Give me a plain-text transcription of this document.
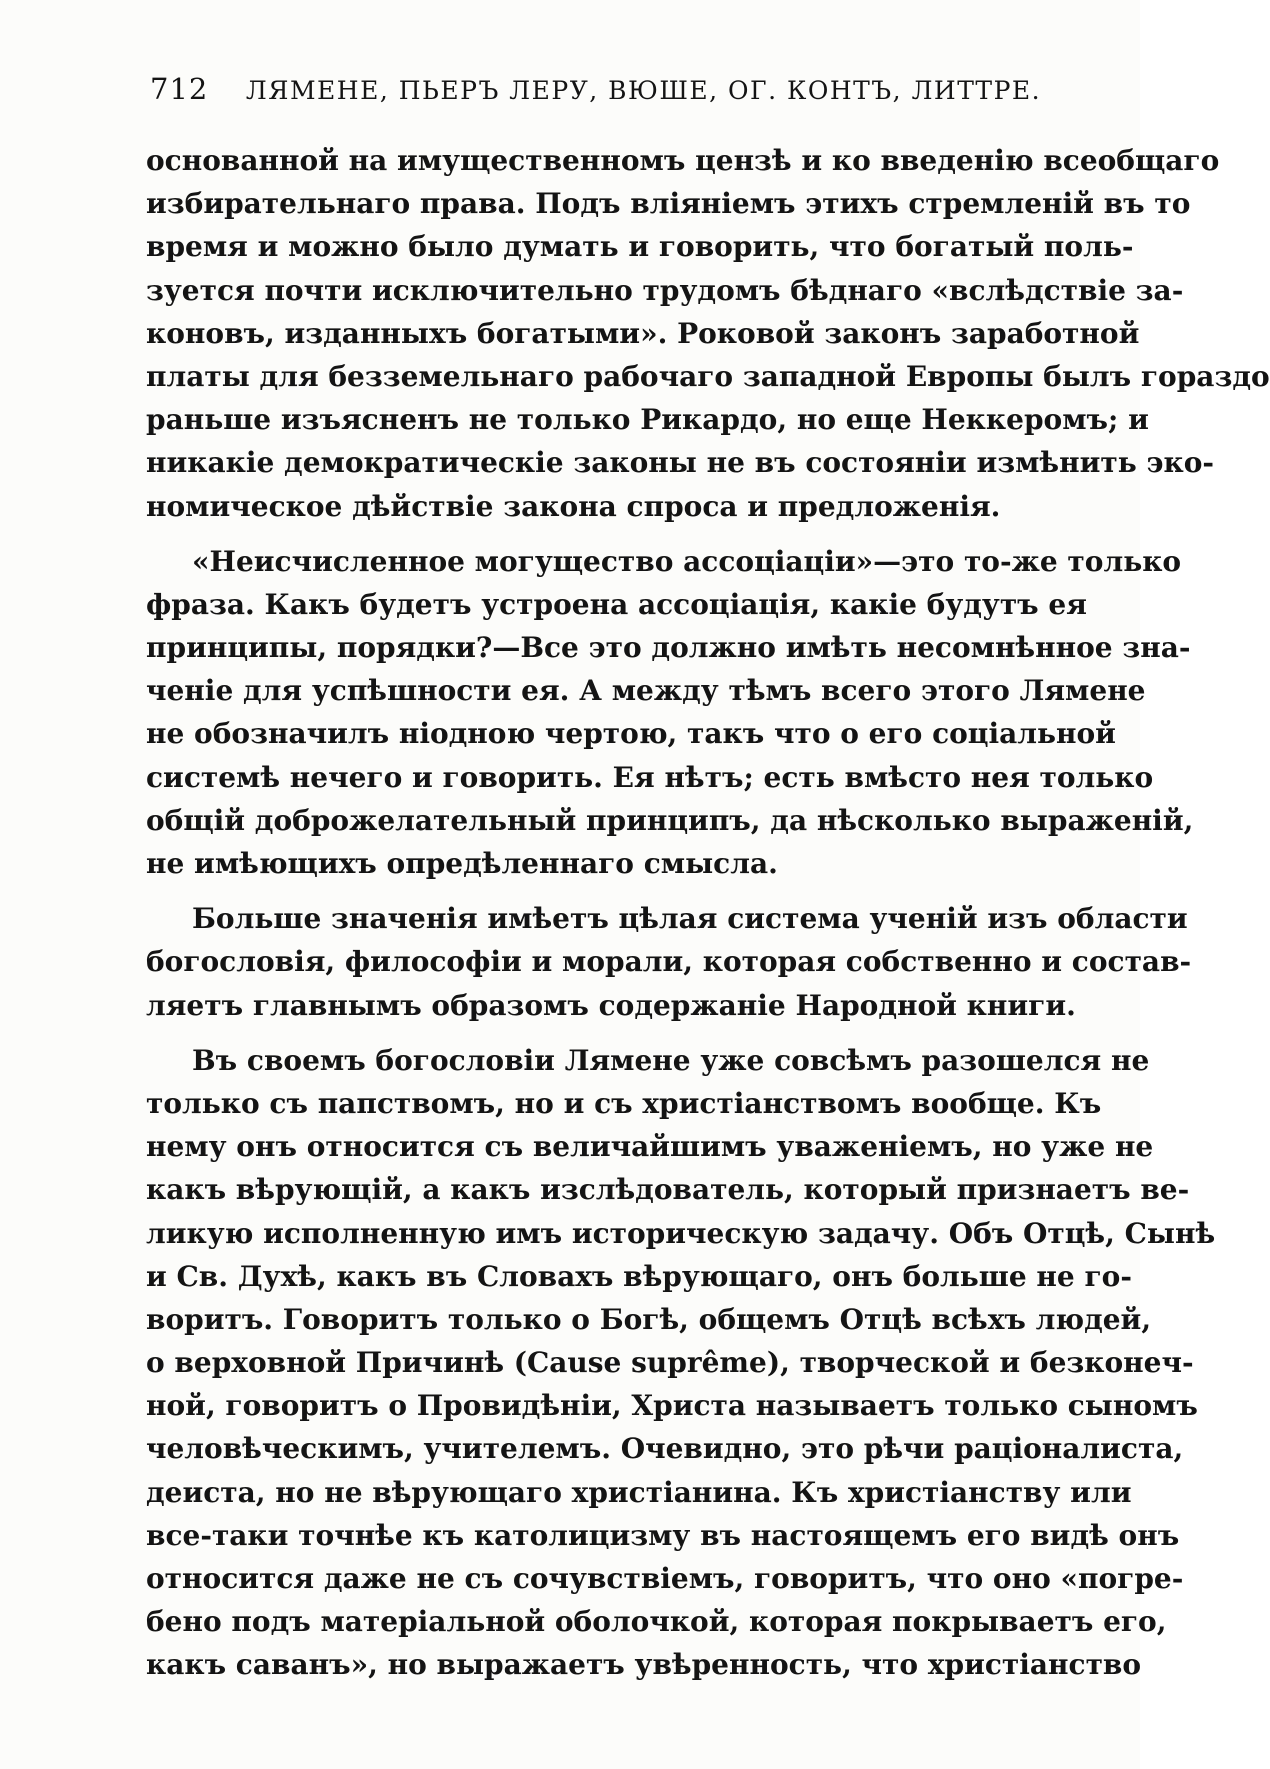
712 ЛЯМЕНЕ, ПЬЕРЪ ЛЕРУ, ВЮШЕ, ОГ. КОНТЪ, ЛИТТРЕ.
основанной на имущественномъ цензѣ и ко введенію всеобщаго
избирательнаго права. Подъ вліяніемъ этихъ стремленій въ то
время и можно было думать и говорить, что богатый поль-
зуется почти исключительно трудомъ бѣднаго «вслѣдствіе за-
коновъ, изданныхъ богатыми». Роковой законъ заработной
платы для безземельнаго рабочаго западной Европы былъ гораздо
раньше изъясненъ не только Рикардо, но еще Неккеромъ; и
никакіе демократическіе законы не въ состояніи измѣнить эко-
номическое дѣйствіе закона спроса и предложенія.
«Неисчисленное могущество ассоціаціи»—это то-же только
фраза. Какъ будетъ устроена ассоціація, какіе будутъ ея
принципы, порядки?—Все это должно имѣть несомнѣнное зна-
ченіе для успѣшности ея. А между тѣмъ всего этого Лямене
не обозначилъ ніодною чертою, такъ что о его соціальной
системѣ нечего и говорить. Ея нѣтъ; есть вмѣсто нея только
общій доброжелательный принципъ, да нѣсколько выраженій,
не имѣющихъ опредѣленнаго смысла.
Больше значенія имѣетъ цѣлая система ученій изъ области
богословія, философіи и морали, которая собственно и состав-
ляетъ главнымъ образомъ содержаніе Народной книги.
Въ своемъ богословіи Лямене уже совсѣмъ разошелся не
только съ папствомъ, но и съ христіанствомъ вообще. Къ
нему онъ относится съ величайшимъ уваженіемъ, но уже не
какъ вѣрующій, а какъ изслѣдователь, который признаетъ ве-
ликую исполненную имъ историческую задачу. Объ Отцѣ, Сынѣ
и Св. Духѣ, какъ въ Словахъ вѣрующаго, онъ больше не го-
воритъ. Говоритъ только о Богѣ, общемъ Отцѣ всѣхъ людей,
о верховной Причинѣ (Cause suprême), творческой и безконеч-
ной, говоритъ о Провидѣніи, Христа называетъ только сыномъ
человѣческимъ, учителемъ. Очевидно, это рѣчи раціоналиста,
деиста, но не вѣрующаго христіанина. Къ христіанству или
все-таки точнѣе къ католицизму въ настоящемъ его видѣ онъ
относится даже не съ сочувствіемъ, говоритъ, что оно «погре-
бено подъ матеріальной оболочкой, которая покрываетъ его,
какъ саванъ», но выражаетъ увѣренность, что христіанство
